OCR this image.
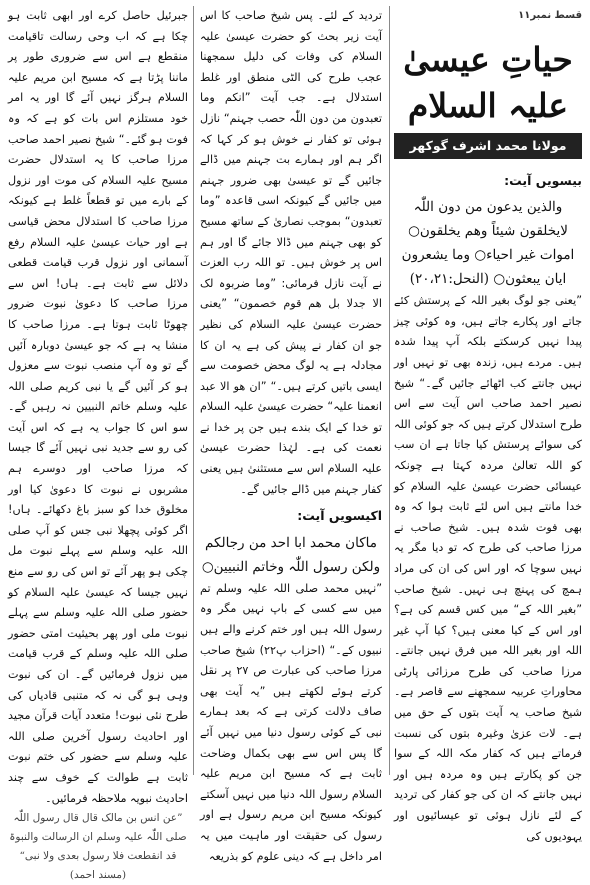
قسط نمبر۱۱
حیاتِ عیسیٰ علیہ السلام
مولانا محمد اشرف گوکھر
بیسویں آیت:
والذین یدعون من دون اللّٰہ لایخلقون شیئاً وھم یخلقون○ اموات غیر احیاء○ وما یشعرون ایان یبعثون○ (النحل:۲۰،۲۱)

”یعنی جو لوگ بغیر اللہ کے پرستش کئے جاتے اور پکارے جاتے ہیں، وہ کوئی چیز پیدا نہیں کرسکتے بلکہ آپ پیدا شدہ ہیں۔ مردے ہیں، زندہ بھی تو نہیں اور نہیں جانتے کب اٹھائے جائیں گے۔“ شیخ نصیر احمد صاحب اس آیت سے اس طرح استدلال کرتے ہیں کہ جو کوئی اللہ کی سوائے پرستش کیا جاتا ہے ان سب کو اللہ تعالیٰ مردہ کہتا ہے چونکہ عیسائی حضرت عیسیٰ علیہ السلام کو خدا مانتے ہیں اس لئے ثابت ہوا کہ وہ بھی فوت شدہ ہیں۔ شیخ صاحب نے مرزا صاحب کی طرح کہ تو دیا مگر یہ نہیں سوچا کہ اور اس کی ان کی مراد ہمچ کی پہنچ ہی نہیں۔ شیخ صاحب ”بغیر اللہ کے“ میں کس قسم کی ہے؟ اور اس کے کیا معنی ہیں؟ کیا آپ غیر اللہ اور بغیر اللہ میں فرق نہیں جانتے۔ مرزا صاحب کی طرح مرزائی پارٹی محاوراتِ عربیہ سمجھنے سے قاصر ہے۔ شیخ صاحب یہ آیت بتوں کے حق میں ہے۔ لات عزیٰ وغیرہ بتوں کی نسبت فرماتے ہیں کہ کفار مکہ اللہ کے سوا جن کو پکارتے ہیں وہ مردہ ہیں اور نہیں جانتے کہ ان کی جو کفار کی تردید کے لئے نازل ہوئی تو عیسائیوں اور یہودیوں کی

تردید کے لئے۔ پس شیخ صاحب کا اس آیت زیر بحث کو حضرت عیسیٰ علیہ السلام کی وفات کی دلیل سمجھنا عجب طرح کی الٹی منطق اور غلط استدلال ہے۔ جب آیت ”انکم وما تعبدون من دون اللّٰہ حصب جہنم“ نازل ہوئی تو کفار نے خوش ہو کر کہا کہ اگر ہم اور ہمارے بت جہنم میں ڈالے جائیں گے تو عیسیٰ بھی ضرور جہنم میں جائیں گے کیونکہ اسی قاعدہ ”وما تعبدون“ بموجب نصاریٰ کے ساتھ مسیح کو بھی جہنم میں ڈالا جائے گا اور ہم اس پر خوش ہیں۔ تو اللہ رب العزت نے آیت نازل فرمائی: ”وما ضربوہ لک الا جدلا بل ھم قوم خصمون“ ”یعنی حضرت عیسیٰ علیہ السلام کی نظیر جو ان کفار نے پیش کی ہے یہ ان کا مجادلہ ہے یہ لوگ محض خصومت سے ایسی باتیں کرتے ہیں۔“ ”ان ھو الا عبد انعمنا علیہ“ حضرت عیسیٰ علیہ السلام تو خدا کے ایک بندے ہیں جن پر خدا نے نعمت کی ہے۔ لہٰذا حضرت عیسیٰ علیہ السلام اس سے مستثنیٰ ہیں یعنی کفار جہنم میں ڈالے جائیں گے۔

اکیسویں آیت:
ماکان محمد ابا احد من رجالکم ولکن رسول اللّٰہ وخاتم النبیین○

”نہیں محمد صلی اللہ علیہ وسلم تم میں سے کسی کے باپ نہیں مگر وہ رسول اللہ ہیں اور ختم کرنے والے ہیں نبیوں کے۔“ (احزاب پ۲۲) شیخ صاحب مرزا صاحب کی عبارت ص ۲۷ پر نقل کرتے ہوئے لکھتے ہیں ”یہ آیت بھی صاف دلالت کرتی ہے کہ بعد ہمارے نبی کے کوئی رسول دنیا میں نہیں آئے گا پس اس سے بھی بکمال وضاحت ثابت ہے کہ مسیح ابن مریم علیہ السلام رسول اللہ دنیا میں نہیں آسکتے کیونکہ مسیح ابن مریم رسول ہے اور رسول کی حقیقت اور ماہیت میں یہ امر داخل ہے کہ دینی علوم کو بذریعہ

جبرئیل حاصل کرے اور ابھی ثابت ہو چکا ہے کہ اب وحی رسالت تاقیامت منقطع ہے اس سے ضروری طور پر ماننا پڑتا ہے کہ مسیح ابن مریم علیہ السلام ہرگز نہیں آئے گا اور یہ امر خود مستلزم اس بات کو ہے کہ وہ فوت ہو گئے۔“ شیخ نصیر احمد صاحب مرزا صاحب کا یہ استدلال حضرت مسیح علیہ السلام کی موت اور نزول کے بارے میں تو قطعاً غلط ہے کیونکہ مرزا صاحب کا استدلال محض قیاسی ہے اور حیات عیسیٰ علیہ السلام رفع آسمانی اور نزول قرب قیامت قطعی دلائل سے ثابت ہے۔ ہاں! اس سے مرزا صاحب کا دعویٰ نبوت ضرور چھوٹا ثابت ہوتا ہے۔ مرزا صاحب کا منشا یہ ہے کہ جو عیسیٰ دوبارہ آئیں گے تو وہ آپ منصب نبوت سے معزول ہو کر آئیں گے یا نبی کریم صلی اللہ علیہ وسلم خاتم النبیین نہ رہیں گے۔ سو اس کا جواب یہ ہے کہ اس آیت کی رو سے جدید نبی نہیں آئے گا جیسا کہ مرزا صاحب اور دوسرے ہم مشربوں نے نبوت کا دعویٰ کیا اور مخلوق خدا کو سبز باغ دکھائے۔ ہاں! اگر کوئی پچھلا نبی جس کو آپ صلی اللہ علیہ وسلم سے پہلے نبوت مل چکی ہو پھر آئے تو اس کی رو سے منع نہیں جیسا کہ عیسیٰ علیہ السلام کو حضور صلی اللہ علیہ وسلم سے پہلے نبوت ملی اور پھر بحیثیت امتی حضور صلی اللہ علیہ وسلم کے قرب قیامت میں نزول فرمائیں گے۔ ان کی نبوت وہی ہو گی نہ کہ متنبی قادیاں کی طرح نئی نبوت! متعدد آیات قرآن مجید اور احادیث رسول آخرین صلی اللہ علیہ وسلم سے حضور کی ختم نبوت ثابت ہے طوالت کے خوف سے چند احادیث نبویہ ملاحظہ فرمائیں۔

”عن انس بن مالک قال قال رسول اللّٰہ صلی اللّٰہ علیہ وسلم ان الرسالت والنبوۃ قد انقطعت فلا رسول بعدی ولا نبی“ (مسند احمد)
